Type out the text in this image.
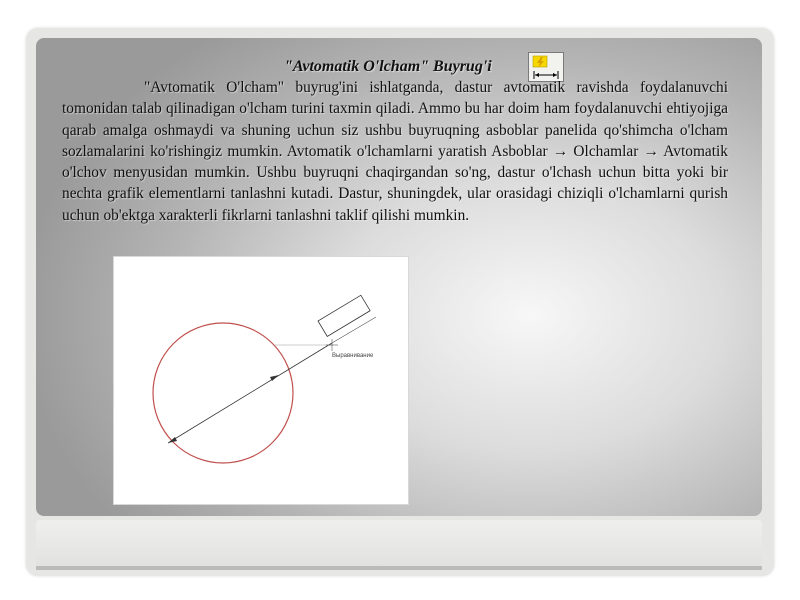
"Avtomatik O'lcham" Buyrug'i
"Avtomatik O'lcham" buyrug'ini ishlatganda, dastur avtomatik ravishda foydalanuvchi tomonidan talab qilinadigan o'lcham turini taxmin qiladi. Ammo bu har doim ham foydalanuvchi ehtiyojiga qarab amalga oshmaydi va shuning uchun siz ushbu buyruqning asboblar panelida qo'shimcha o'lcham sozlamalarini ko'rishingiz mumkin. Avtomatik o'lchamlarni yaratish Asboblar → Olchamlar → Avtomatik o'lchov menyusidan mumkin. Ushbu buyruqni chaqirgandan so'ng, dastur o'lchash uchun bitta yoki bir nechta grafik elementlarni tanlashni kutadi. Dastur, shuningdek, ular orasidagi chiziqli o'lchamlarni qurish uchun ob'ektga xarakterli fikrlarni tanlashni taklif qilishi mumkin.
Выравнивание
